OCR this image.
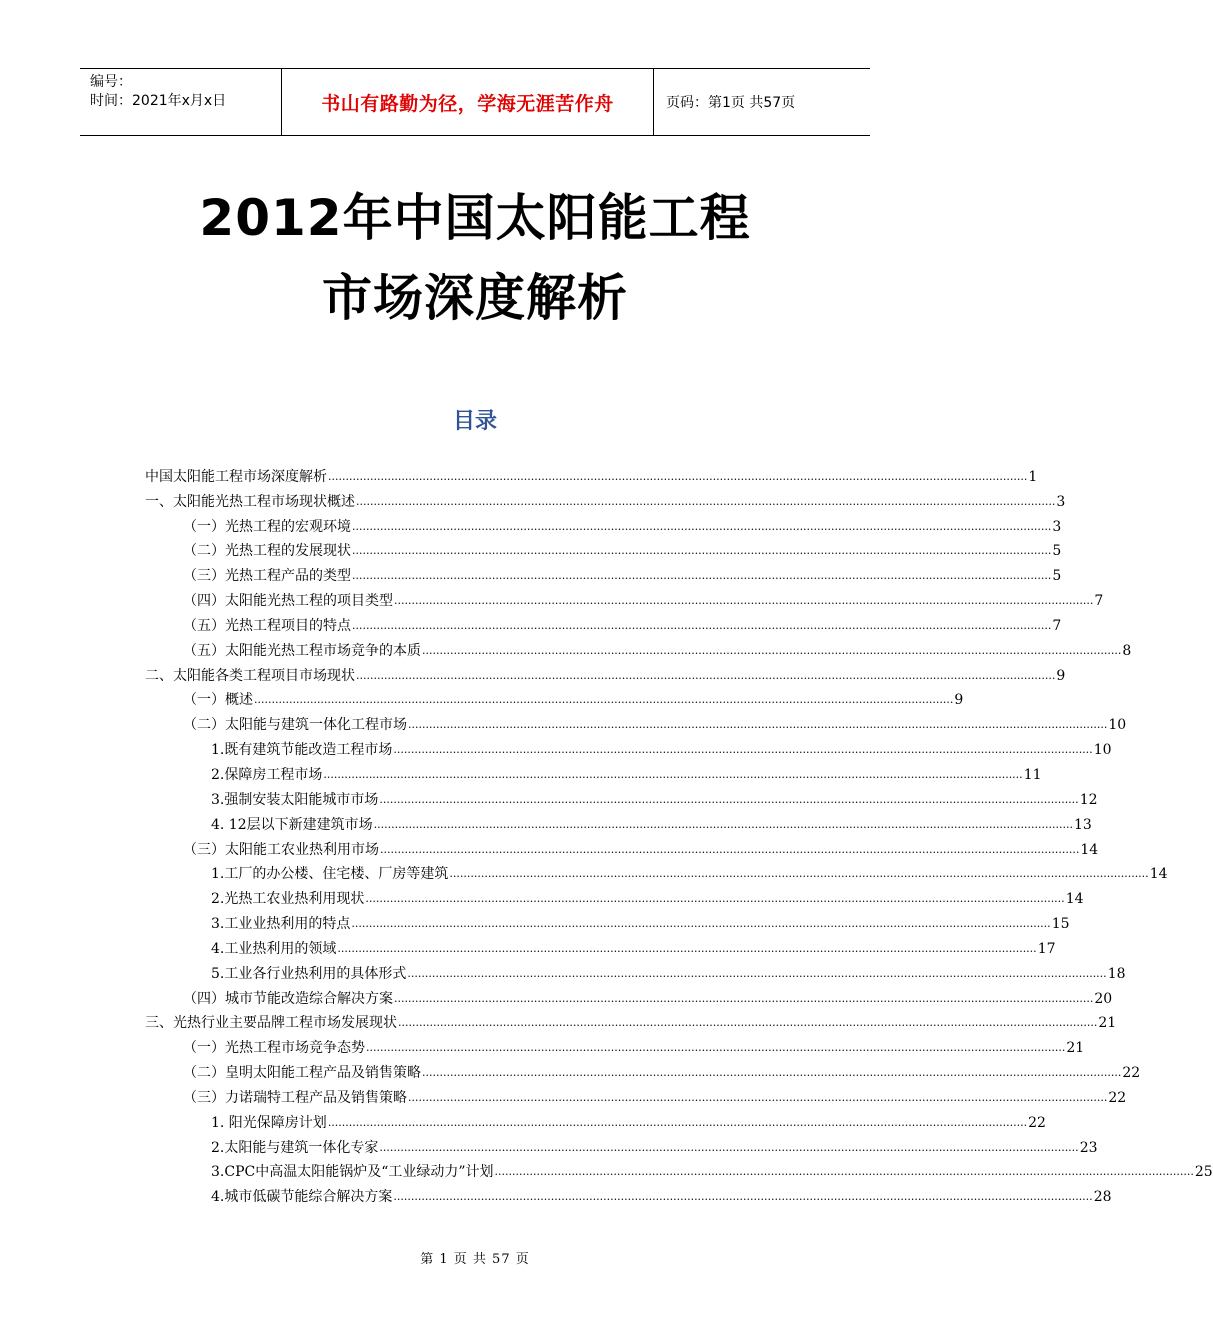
编号：
时间：2021年x月x日	书山有路勤为径，学海无涯苦作舟	页码：第1页 共57页
2012年中国太阳能工程
市场深度解析
目录
中国太阳能工程市场深度解析 ........................................................................................................................................................................................................ 1
一、太阳能光热工程市场现状概述 ........................................................................................................................................................................................................ 3
（一）光热工程的宏观环境 ........................................................................................................................................................................................................ 3
（二）光热工程的发展现状 ........................................................................................................................................................................................................ 5
（三）光热工程产品的类型 ........................................................................................................................................................................................................ 5
（四）太阳能光热工程的项目类型 ........................................................................................................................................................................................................ 7
（五）光热工程项目的特点 ........................................................................................................................................................................................................ 7
（五）太阳能光热工程市场竞争的本质 ........................................................................................................................................................................................................ 8
二、太阳能各类工程项目市场现状 ........................................................................................................................................................................................................ 9
（一）概述 ........................................................................................................................................................................................................ 9
（二）太阳能与建筑一体化工程市场 ........................................................................................................................................................................................................ 10
1.既有建筑节能改造工程市场 ........................................................................................................................................................................................................ 10
2.保障房工程市场 ........................................................................................................................................................................................................ 11
3.强制安装太阳能城市市场 ........................................................................................................................................................................................................ 12
4. 12层以下新建建筑市场 ........................................................................................................................................................................................................ 13
（三）太阳能工农业热利用市场 ........................................................................................................................................................................................................ 14
1.工厂的办公楼、住宅楼、厂房等建筑 ........................................................................................................................................................................................................ 14
2.光热工农业热利用现状 ........................................................................................................................................................................................................ 14
3.工业业热利用的特点 ........................................................................................................................................................................................................ 15
4.工业热利用的领域 ........................................................................................................................................................................................................ 17
5.工业各行业热利用的具体形式 ........................................................................................................................................................................................................ 18
（四）城市节能改造综合解决方案 ........................................................................................................................................................................................................ 20
三、光热行业主要品牌工程市场发展现状 ........................................................................................................................................................................................................ 21
（一）光热工程市场竞争态势 ........................................................................................................................................................................................................ 21
（二）皇明太阳能工程产品及销售策略 ........................................................................................................................................................................................................ 22
（三）力诺瑞特工程产品及销售策略 ........................................................................................................................................................................................................ 22
1. 阳光保障房计划 ........................................................................................................................................................................................................ 22
2.太阳能与建筑一体化专家 ........................................................................................................................................................................................................ 23
3.CPC中高温太阳能锅炉及“工业绿动力”计划 ........................................................................................................................................................................................................ 25
4.城市低碳节能综合解决方案 ........................................................................................................................................................................................................ 28
第 1 页 共 57 页
